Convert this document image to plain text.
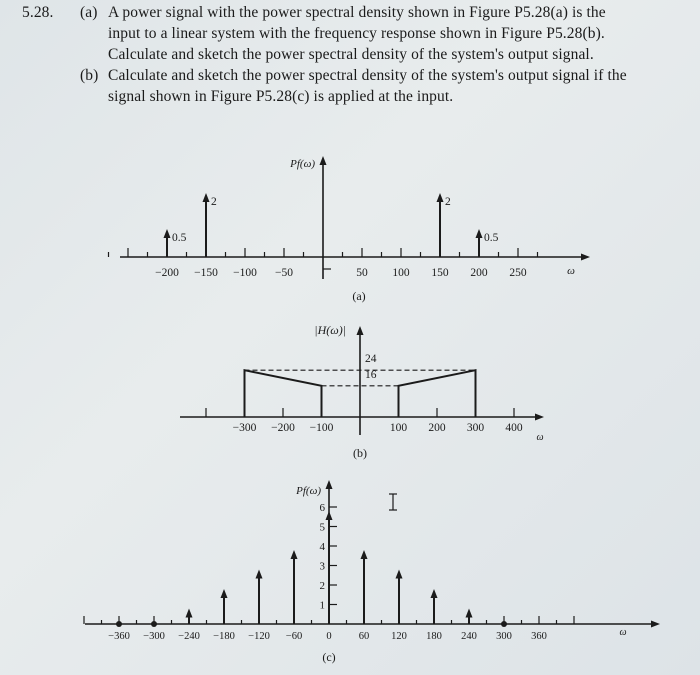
5.28. (a) A power signal with the power spectral density shown in Figure P5.28(a) is the
input to a linear system with the frequency response shown in Figure P5.28(b).
Calculate and sketch the power spectral density of the system's output signal.
(b) Calculate and sketch the power spectral density of the system's output signal if the
signal shown in Figure P5.28(c) is applied at the input.
Pf(ω)
ω
−200 −150 −100 −50	50 100 150 200 250
0.5
2	2
0.5
(a)
|H(ω)|
ω
−300 −200 −100	100 200 300 400
24
16
(b)
Pf(ω)
ω
1
2
3
4
5
6
−360 −300 −240 −180 −120 −60 0	60 120 180 240 300 360
(c)
